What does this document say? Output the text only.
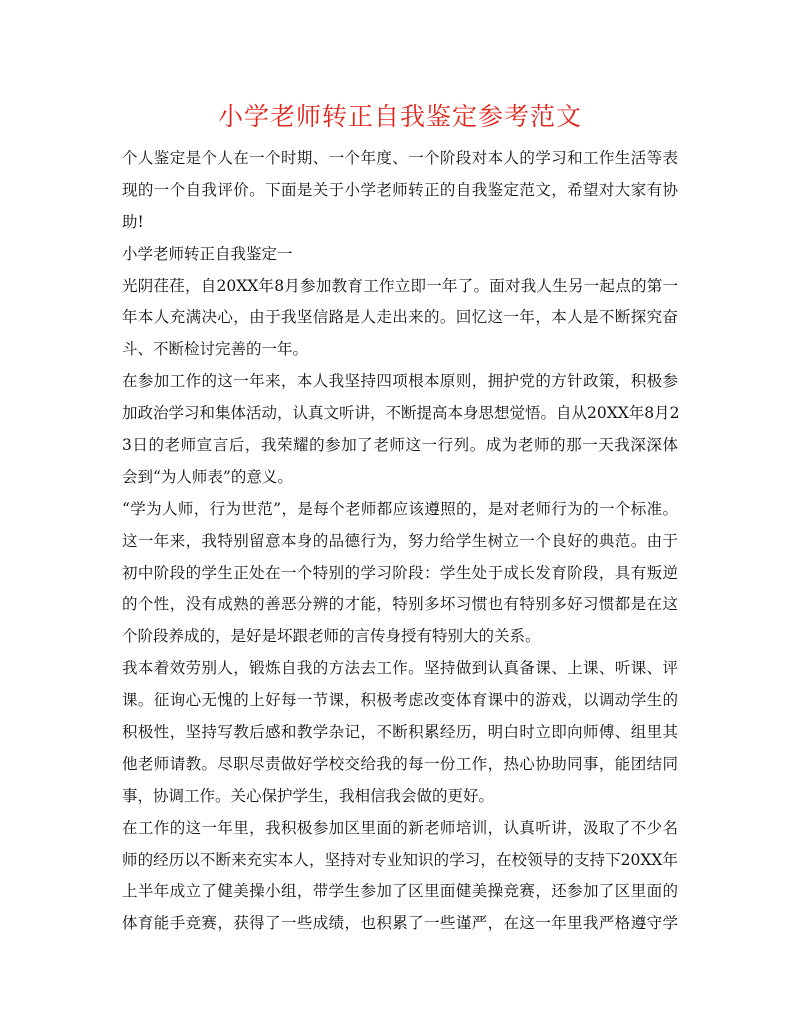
小学老师转正自我鉴定参考范文
个人鉴定是个人在一个时期、一个年度、一个阶段对本人的学习和工作生活等表
现的一个自我评价。下面是关于小学老师转正的自我鉴定范文，希望对大家有协
助!
小学老师转正自我鉴定一
光阴荏荏，自20XX年8月参加教育工作立即一年了。面对我人生另一起点的第一
年本人充满决心，由于我坚信路是人走出来的。回忆这一年，本人是不断探究奋
斗、不断检讨完善的一年。
在参加工作的这一年来，本人我坚持四项根本原则，拥护党的方针政策，积极参
加政治学习和集体活动，认真文听讲，不断提高本身思想觉悟。自从20XX年8月2
3日的老师宣言后，我荣耀的参加了老师这一行列。成为老师的那一天我深深体
会到“为人师表”的意义。
“学为人师，行为世范”，是每个老师都应该遵照的，是对老师行为的一个标准。
这一年来，我特别留意本身的品德行为，努力给学生树立一个良好的典范。由于
初中阶段的学生正处在一个特别的学习阶段：学生处于成长发育阶段，具有叛逆
的个性，没有成熟的善恶分辨的才能，特别多坏习惯也有特别多好习惯都是在这
个阶段养成的，是好是坏跟老师的言传身授有特别大的关系。
我本着效劳别人，锻炼自我的方法去工作。坚持做到认真备课、上课、听课、评
课。征询心无愧的上好每一节课，积极考虑改变体育课中的游戏，以调动学生的
积极性，坚持写教后感和教学杂记，不断积累经历，明白时立即向师傅、组里其
他老师请教。尽职尽责做好学校交给我的每一份工作，热心协助同事，能团结同
事，协调工作。关心保护学生，我相信我会做的更好。
在工作的这一年里，我积极参加区里面的新老师培训，认真听讲，汲取了不少名
师的经历以不断来充实本人，坚持对专业知识的学习，在校领导的支持下20XX年
上半年成立了健美操小组，带学生参加了区里面健美操竞赛，还参加了区里面的
体育能手竞赛，获得了一些成绩，也积累了一些谨严，在这一年里我严格遵守学
